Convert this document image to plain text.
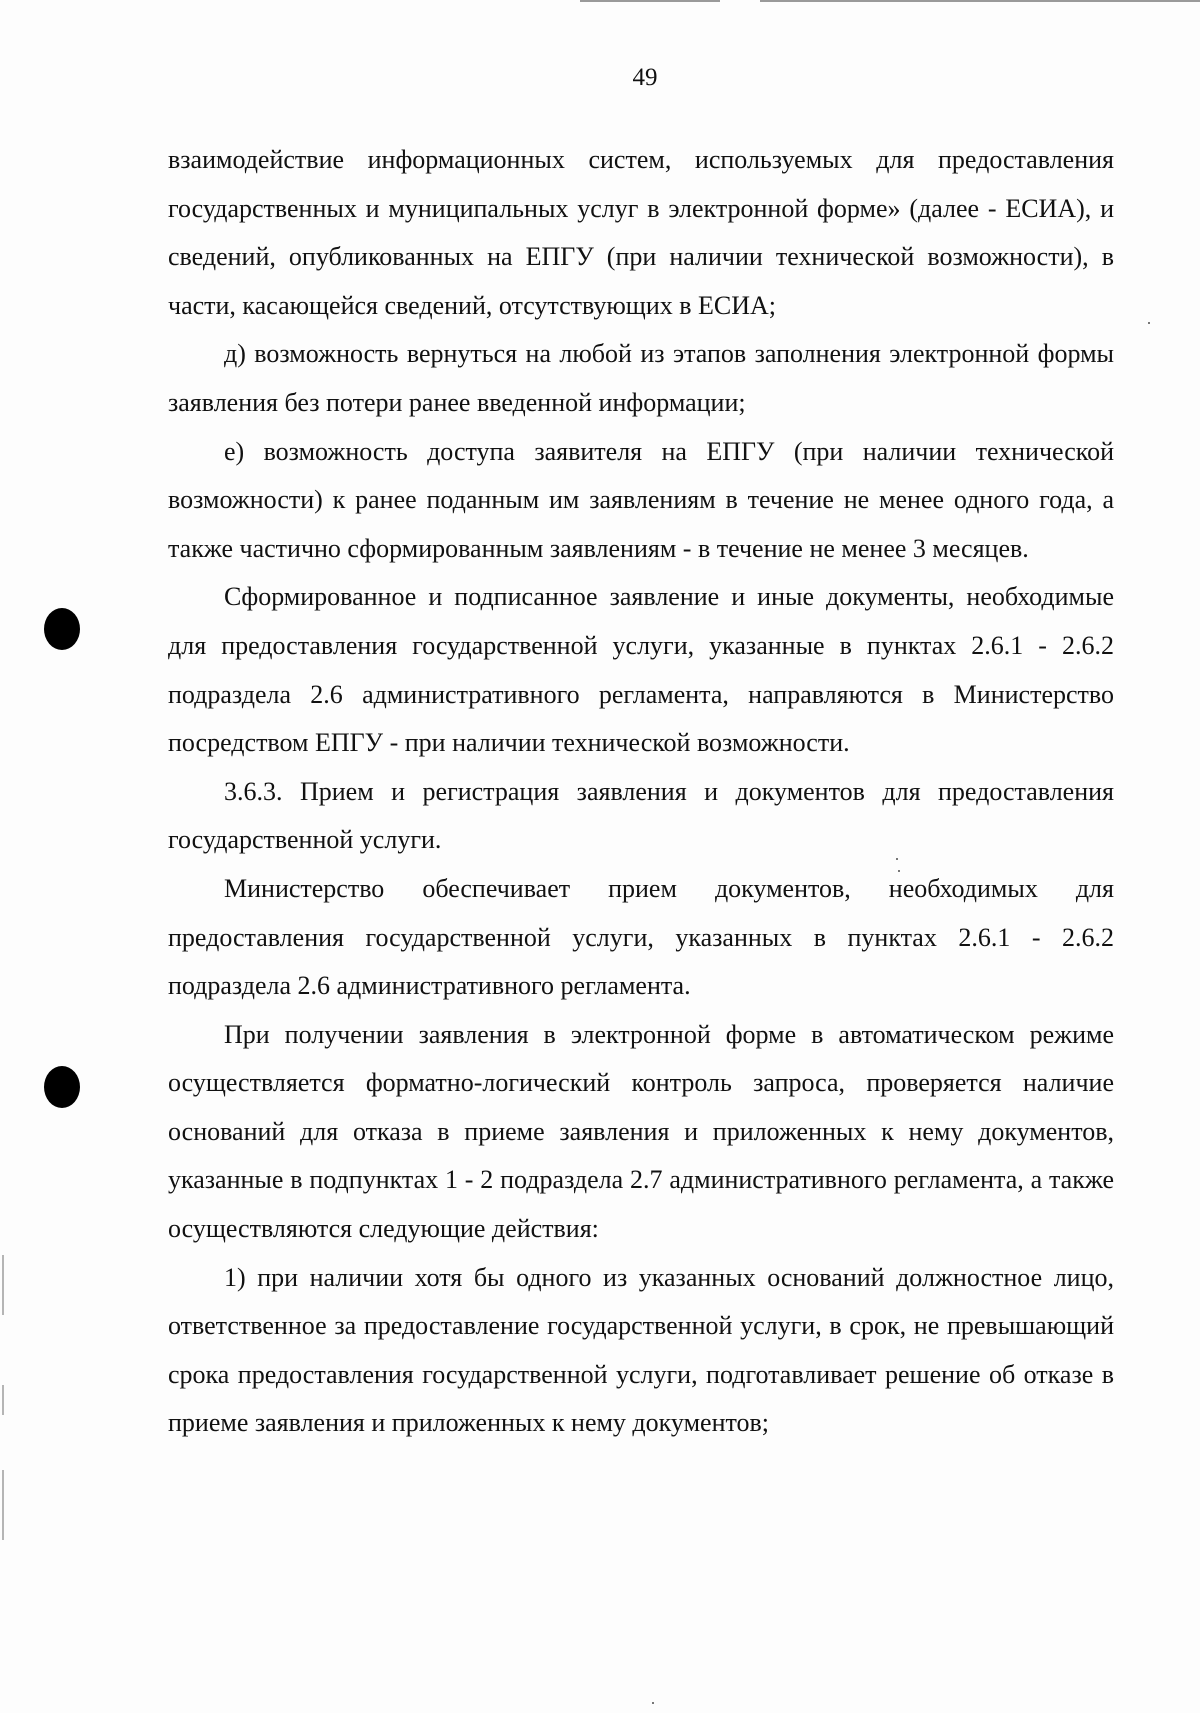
49

взаимодействие информационных систем, используемых для предоставления государственных и муниципальных услуг в электронной форме» (далее - ЕСИА), и сведений, опубликованных на ЕПГУ (при наличии технической возможности), в части, касающейся сведений, отсутствующих в ЕСИА;

д) возможность вернуться на любой из этапов заполнения электронной формы заявления без потери ранее введенной информации;

е) возможность доступа заявителя на ЕПГУ (при наличии технической возможности) к ранее поданным им заявлениям в течение не менее одного года, а также частично сформированным заявлениям - в течение не менее 3 месяцев.

Сформированное и подписанное заявление и иные документы, необходимые для предоставления государственной услуги, указанные в пунктах 2.6.1 - 2.6.2 подраздела 2.6 административного регламента, направляются в Министерство посредством ЕПГУ - при наличии технической возможности.

3.6.3. Прием и регистрация заявления и документов для предоставления государственной услуги.

Министерство обеспечивает прием документов, необходимых для предоставления государственной услуги, указанных в пунктах 2.6.1 - 2.6.2 подраздела 2.6 административного регламента.

При получении заявления в электронной форме в автоматическом режиме осуществляется форматно-логический контроль запроса, проверяется наличие оснований для отказа в приеме заявления и приложенных к нему документов, указанные в подпунктах 1 - 2 подраздела 2.7 административного регламента, а также осуществляются следующие действия:

1) при наличии хотя бы одного из указанных оснований должностное лицо, ответственное за предоставление государственной услуги, в срок, не превышающий срока предоставления государственной услуги, подготавливает решение об отказе в приеме заявления и приложенных к нему документов;
